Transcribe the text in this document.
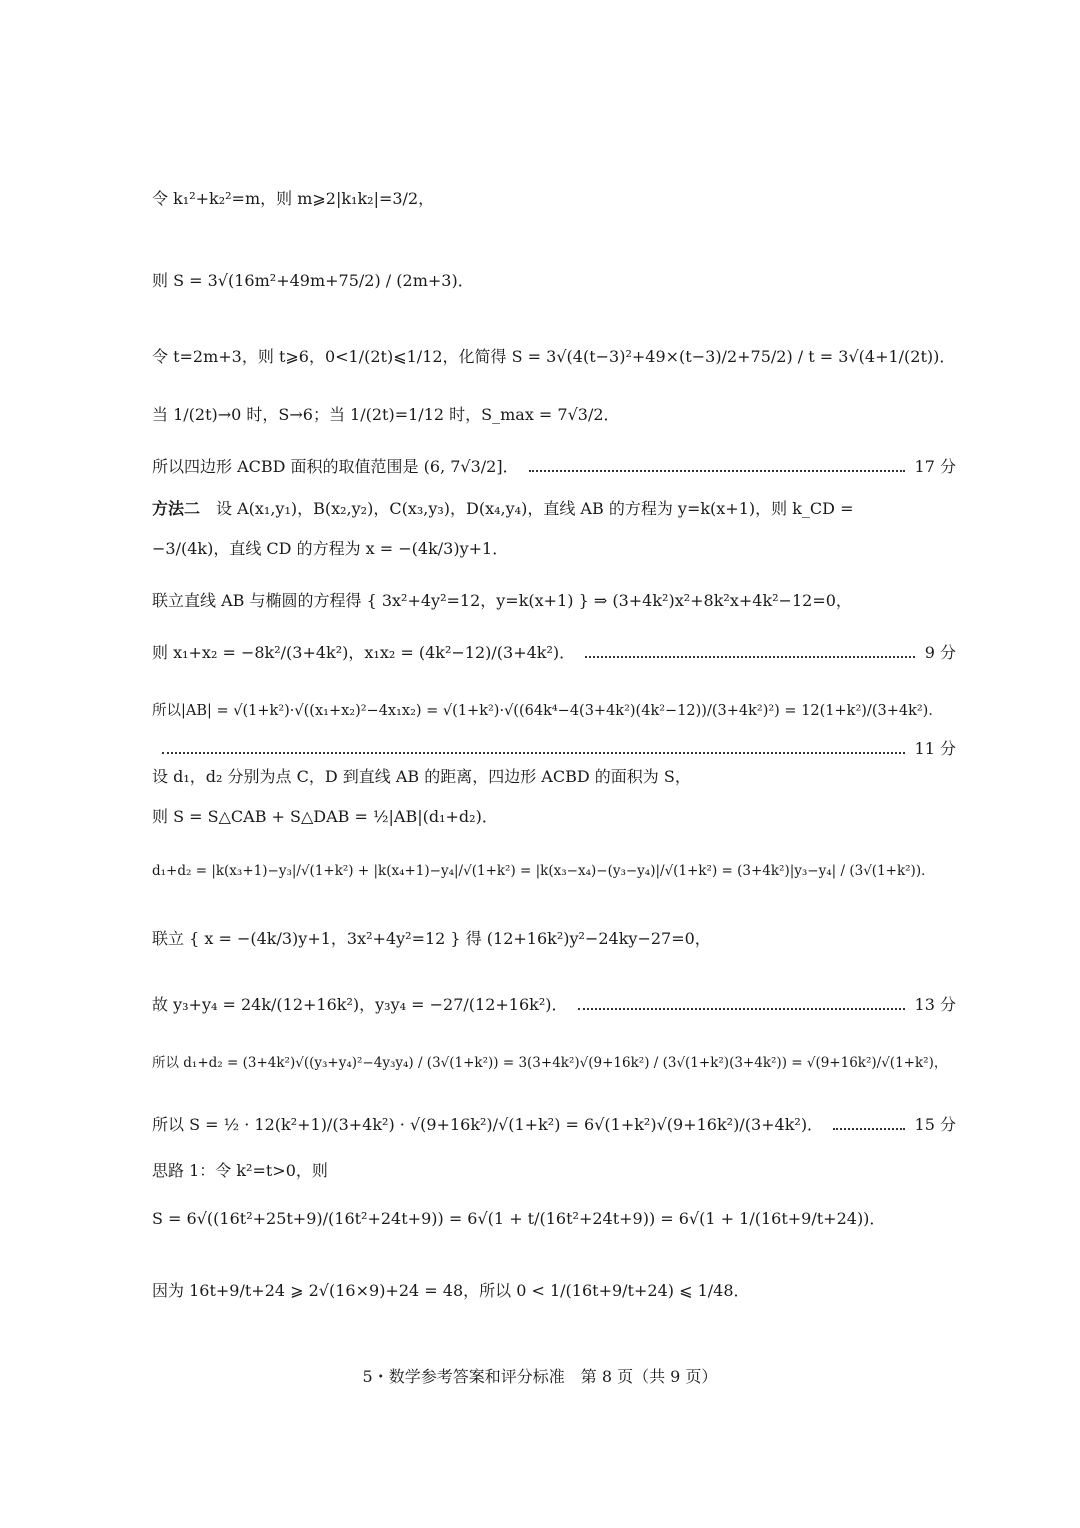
令 k₁²+k₂²=m，则 m⩾2|k₁k₂|=3/2，
则 S = 3√(16m²+49m+75/2) / (2m+3)．
令 t=2m+3，则 t⩾6，0<1/(2t)⩽1/12，化简得 S = 3√(4(t−3)²+49×(t−3)/2+75/2) / t = 3√(4+1/(2t))．
当 1/(2t)→0 时，S→6；当 1/(2t)=1/12 时，S_max = 7√3/2．
所以四边形 ACBD 面积的取值范围是 (6, 7√3/2]．	17 分
方法二 设 A(x₁,y₁)，B(x₂,y₂)，C(x₃,y₃)，D(x₄,y₄)，直线 AB 的方程为 y=k(x+1)，则 k_CD =
−3/(4k)，直线 CD 的方程为 x = −(4k/3)y+1．
联立直线 AB 与椭圆的方程得 { 3x²+4y²=12，y=k(x+1) } ⇒ (3+4k²)x²+8k²x+4k²−12=0，
则 x₁+x₂ = −8k²/(3+4k²)，x₁x₂ = (4k²−12)/(3+4k²)．	9 分
所以|AB| = √(1+k²)·√((x₁+x₂)²−4x₁x₂) = √(1+k²)·√((64k⁴−4(3+4k²)(4k²−12))/(3+4k²)²) = 12(1+k²)/(3+4k²)．
11 分
设 d₁，d₂ 分别为点 C，D 到直线 AB 的距离，四边形 ACBD 的面积为 S，
则 S = S△CAB + S△DAB = ½|AB|(d₁+d₂)．
d₁+d₂ = |k(x₃+1)−y₃|/√(1+k²) + |k(x₄+1)−y₄|/√(1+k²) = |k(x₃−x₄)−(y₃−y₄)|/√(1+k²) = (3+4k²)|y₃−y₄| / (3√(1+k²))．
联立 { x = −(4k/3)y+1，3x²+4y²=12 } 得 (12+16k²)y²−24ky−27=0，
故 y₃+y₄ = 24k/(12+16k²)，y₃y₄ = −27/(12+16k²)．	13 分
所以 d₁+d₂ = (3+4k²)√((y₃+y₄)²−4y₃y₄) / (3√(1+k²)) = 3(3+4k²)√(9+16k²) / (3√(1+k²)(3+4k²)) = √(9+16k²)/√(1+k²)，
所以 S = ½ · 12(k²+1)/(3+4k²) · √(9+16k²)/√(1+k²) = 6√(1+k²)√(9+16k²)/(3+4k²)．	15 分
思路 1：令 k²=t>0，则
S = 6√((16t²+25t+9)/(16t²+24t+9)) = 6√(1 + t/(16t²+24t+9)) = 6√(1 + 1/(16t+9/t+24))．
因为 16t+9/t+24 ⩾ 2√(16×9)+24 = 48，所以 0 < 1/(16t+9/t+24) ⩽ 1/48．
5・数学参考答案和评分标准　第 8 页（共 9 页）
